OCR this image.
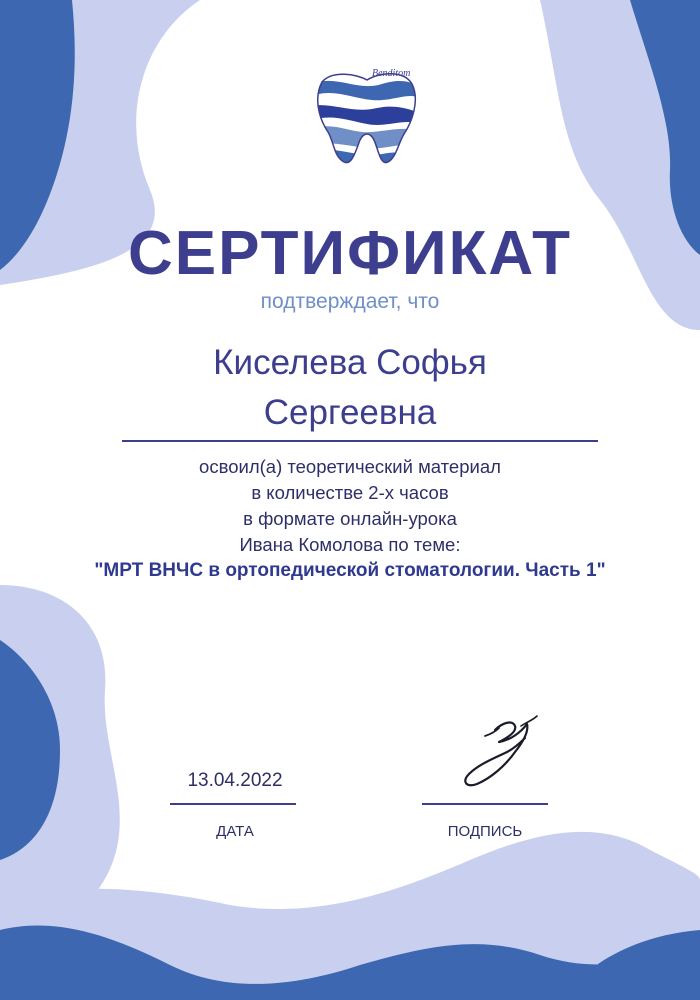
Benditom
СЕРТИФИКАТ
подтверждает, что
Киселева Софья
Сергеевна
освоил(а) теоретический материал
в количестве 2-х часов
в формате онлайн-урока
Ивана Комолова по теме:
"МРТ ВНЧС в ортопедической стоматологии. Часть 1"
13.04.2022
ДАТА	ПОДПИСЬ
